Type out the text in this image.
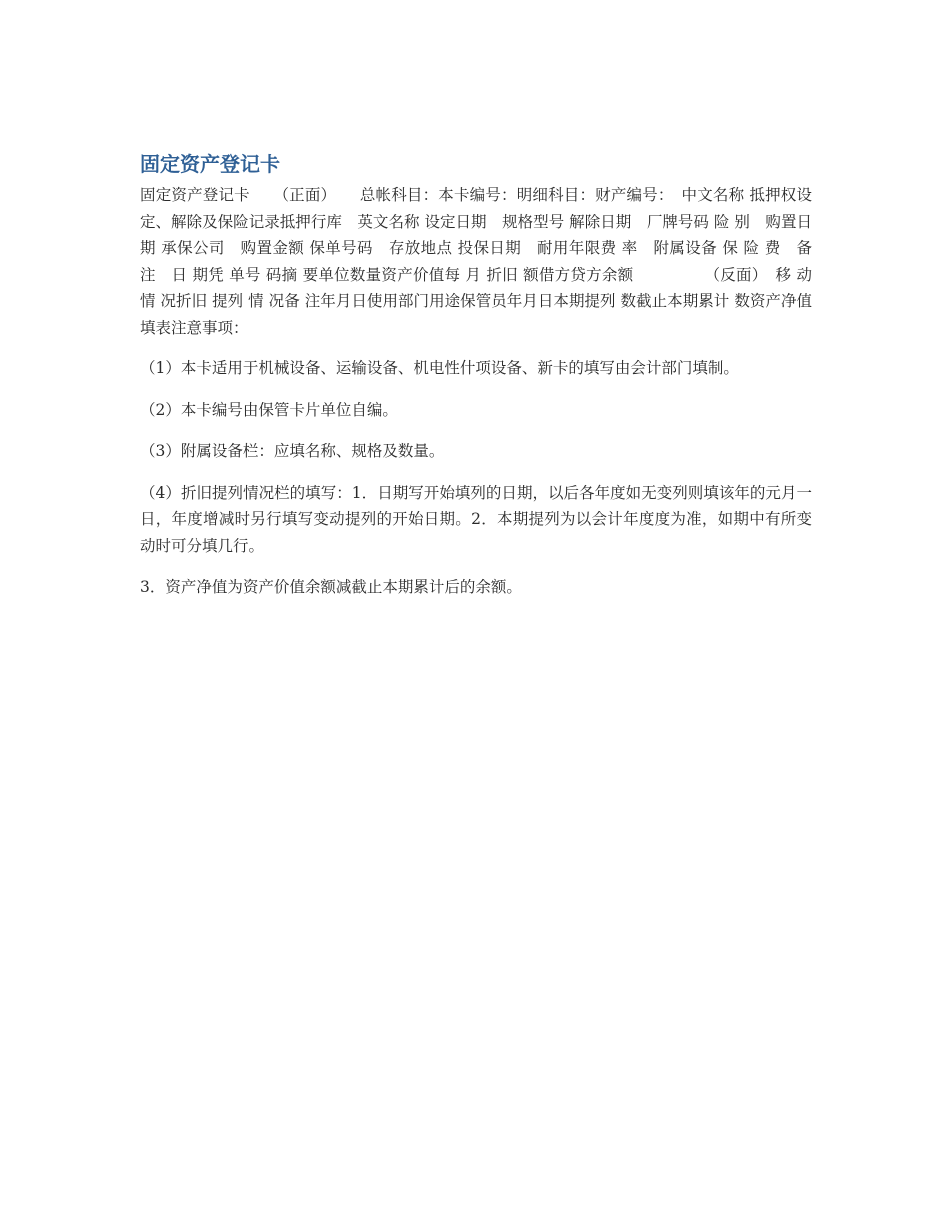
固定资产登记卡

固定资产登记卡　　（正面）　　总帐科目：本卡编号：明细科目：财产编号：　中文名称 抵押权设定、解除及保险记录抵押行库　英文名称 设定日期　规格型号 解除日期　厂牌号码 险 别　购置日期 承保公司　购置金额 保单号码　存放地点 投保日期　耐用年限费 率　附属设备 保 险 费　备 注　日 期凭 单号 码摘 要单位数量资产价值每 月 折旧 额借方贷方余额　　　　　（反面）　移 动 情 况折旧 提列 情 况备 注年月日使用部门用途保管员年月日本期提列 数截止本期累计 数资产净值填表注意事项：

（1）本卡适用于机械设备、运输设备、机电性什项设备、新卡的填写由会计部门填制。

（2）本卡编号由保管卡片单位自编。

（3）附属设备栏：应填名称、规格及数量。

（4）折旧提列情况栏的填写：1．日期写开始填列的日期，以后各年度如无变列则填该年的元月一日，年度增减时另行填写变动提列的开始日期。2．本期提列为以会计年度度为准，如期中有所变动时可分填几行。

3．资产净值为资产价值余额减截止本期累计后的余额。
